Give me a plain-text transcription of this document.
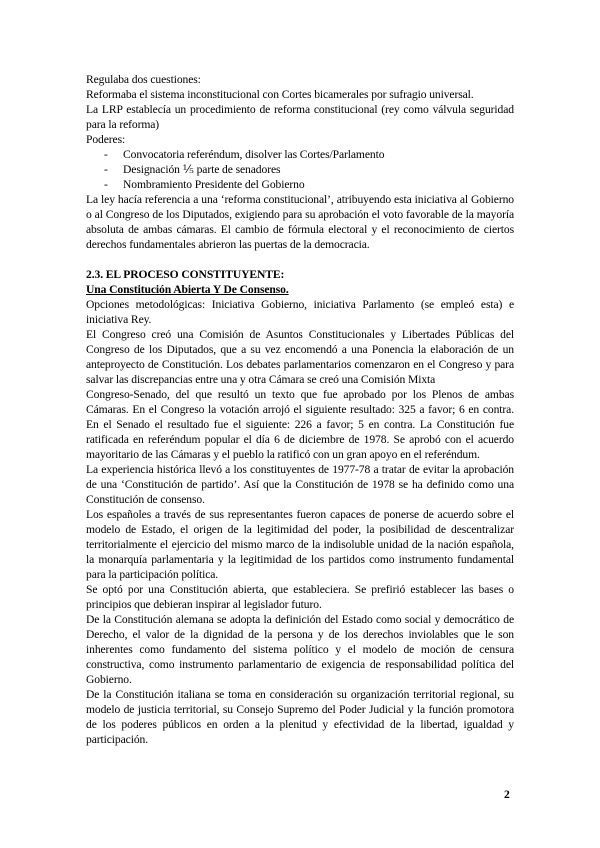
Regulaba dos cuestiones:

Reformaba el sistema inconstitucional con Cortes bicamerales por sufragio universal.

La LRP establecía un procedimiento de reforma constitucional (rey como válvula seguridad para la reforma)

Poderes:

- Convocatoria referéndum, disolver las Cortes/Parlamento
- Designación ⅕ parte de senadores
- Nombramiento Presidente del Gobierno

La ley hacía referencia a una ‘reforma constitucional’, atribuyendo esta iniciativa al Gobierno o al Congreso de los Diputados, exigiendo para su aprobación el voto favorable de la mayoría absoluta de ambas cámaras. El cambio de fórmula electoral y el reconocimiento de ciertos derechos fundamentales abrieron las puertas de la democracia.

2.3. EL PROCESO CONSTITUYENTE:

Una Constitución Abierta Y De Consenso.

Opciones metodológicas: Iniciativa Gobierno, iniciativa Parlamento (se empleó esta) e iniciativa Rey.

El Congreso creó una Comisión de Asuntos Constitucionales y Libertades Públicas del Congreso de los Diputados, que a su vez encomendó a una Ponencia la elaboración de un anteproyecto de Constitución. Los debates parlamentarios comenzaron en el Congreso y para salvar las discrepancias entre una y otra Cámara se creó una Comisión Mixta

Congreso-Senado, del que resultó un texto que fue aprobado por los Plenos de ambas Cámaras. En el Congreso la votación arrojó el siguiente resultado: 325 a favor; 6 en contra. En el Senado el resultado fue el siguiente: 226 a favor; 5 en contra. La Constitución fue ratificada en referéndum popular el día 6 de diciembre de 1978. Se aprobó con el acuerdo mayoritario de las Cámaras y el pueblo la ratificó con un gran apoyo en el referéndum.

La experiencia histórica llevó a los constituyentes de 1977-78 a tratar de evitar la aprobación de una ‘Constitución de partido’. Así que la Constitución de 1978 se ha definido como una Constitución de consenso.

Los españoles a través de sus representantes fueron capaces de ponerse de acuerdo sobre el modelo de Estado, el origen de la legitimidad del poder, la posibilidad de descentralizar territorialmente el ejercicio del mismo marco de la indisoluble unidad de la nación española, la monarquía parlamentaria y la legitimidad de los partidos como instrumento fundamental para la participación política.

Se optó por una Constitución abierta, que estableciera. Se prefirió establecer las bases o principios que debieran inspirar al legislador futuro.

De la Constitución alemana se adopta la definición del Estado como social y democrático de Derecho, el valor de la dignidad de la persona y de los derechos inviolables que le son inherentes como fundamento del sistema político y el modelo de moción de censura constructiva, como instrumento parlamentario de exigencia de responsabilidad política del Gobierno.

De la Constitución italiana se toma en consideración su organización territorial regional, su modelo de justicia territorial, su Consejo Supremo del Poder Judicial y la función promotora de los poderes públicos en orden a la plenitud y efectividad de la libertad, igualdad y participación.

2
